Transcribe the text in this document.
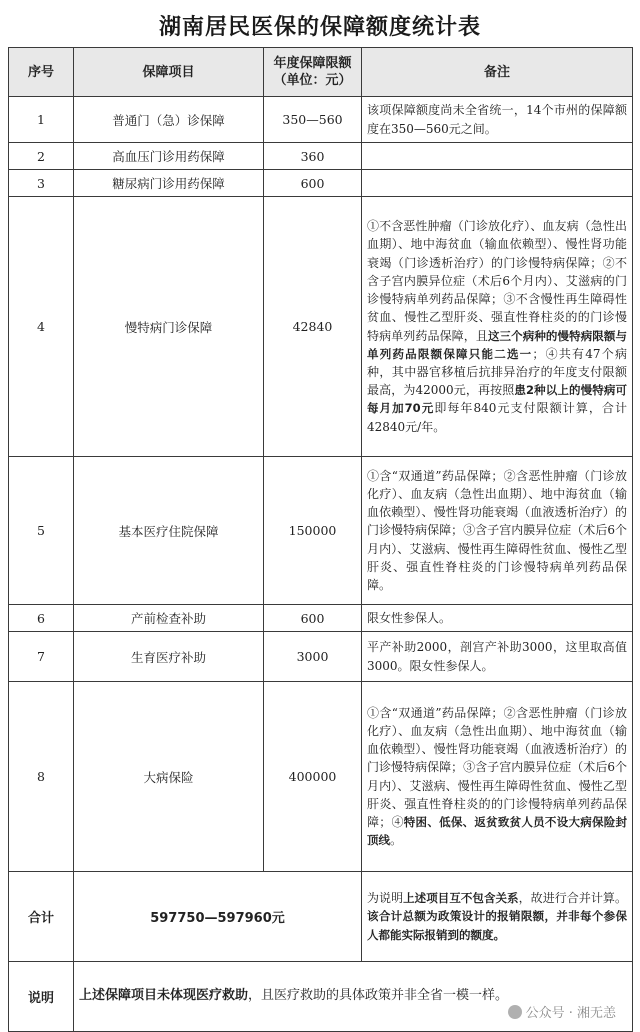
湖南居民医保的保障额度统计表
序号	保障项目	年度保障限额（单位：元）	备注
1	普通门（急）诊保障	350—560	该项保障额度尚未全省统一，14个市州的保障额度在350—560元之间。
2	高血压门诊用药保障	360	
3	糖尿病门诊用药保障	600	
4	慢特病门诊保障	42840	①不含恶性肿瘤（门诊放化疗）、血友病（急性出血期）、地中海贫血（输血依赖型）、慢性肾功能衰竭（门诊透析治疗）的门诊慢特病保障；②不含子宫内膜异位症（术后6个月内）、艾滋病的门诊慢特病单列药品保障；③不含慢性再生障碍性贫血、慢性乙型肝炎、强直性脊柱炎的的门诊慢特病单列药品保障，且这三个病种的慢特病限额与单列药品限额保障只能二选一；④共有47个病种，其中器官移植后抗排异治疗的年度支付限额最高，为42000元，再按照患2种以上的慢特病可每月加70元即每年840元支付限额计算，合计42840元/年。
5	基本医疗住院保障	150000	①含“双通道”药品保障；②含恶性肿瘤（门诊放化疗）、血友病（急性出血期）、地中海贫血（输血依赖型）、慢性肾功能衰竭（血液透析治疗）的门诊慢特病保障；③含子宫内膜异位症（术后6个月内）、艾滋病、慢性再生障碍性贫血、慢性乙型肝炎、强直性脊柱炎的门诊慢特病单列药品保障。
6	产前检查补助	600	限女性参保人。
7	生育医疗补助	3000	平产补助2000，剖宫产补助3000，这里取高值3000。限女性参保人。
8	大病保险	400000	①含“双通道”药品保障；②含恶性肿瘤（门诊放化疗）、血友病（急性出血期）、地中海贫血（输血依赖型）、慢性肾功能衰竭（血液透析治疗）的门诊慢特病保障；③含子宫内膜异位症（术后6个月内）、艾滋病、慢性再生障碍性贫血、慢性乙型肝炎、强直性脊柱炎的的门诊慢特病单列药品保障；④特困、低保、返贫致贫人员不设大病保险封顶线。
合计	597750—597960元		为说明上述项目互不包含关系，故进行合并计算。该合计总额为政策设计的报销限额，并非每个参保人都能实际报销到的额度。
说明	上述保障项目未体现医疗救助，且医疗救助的具体政策并非全省一模一样。		
公众号 · 湘无恙
